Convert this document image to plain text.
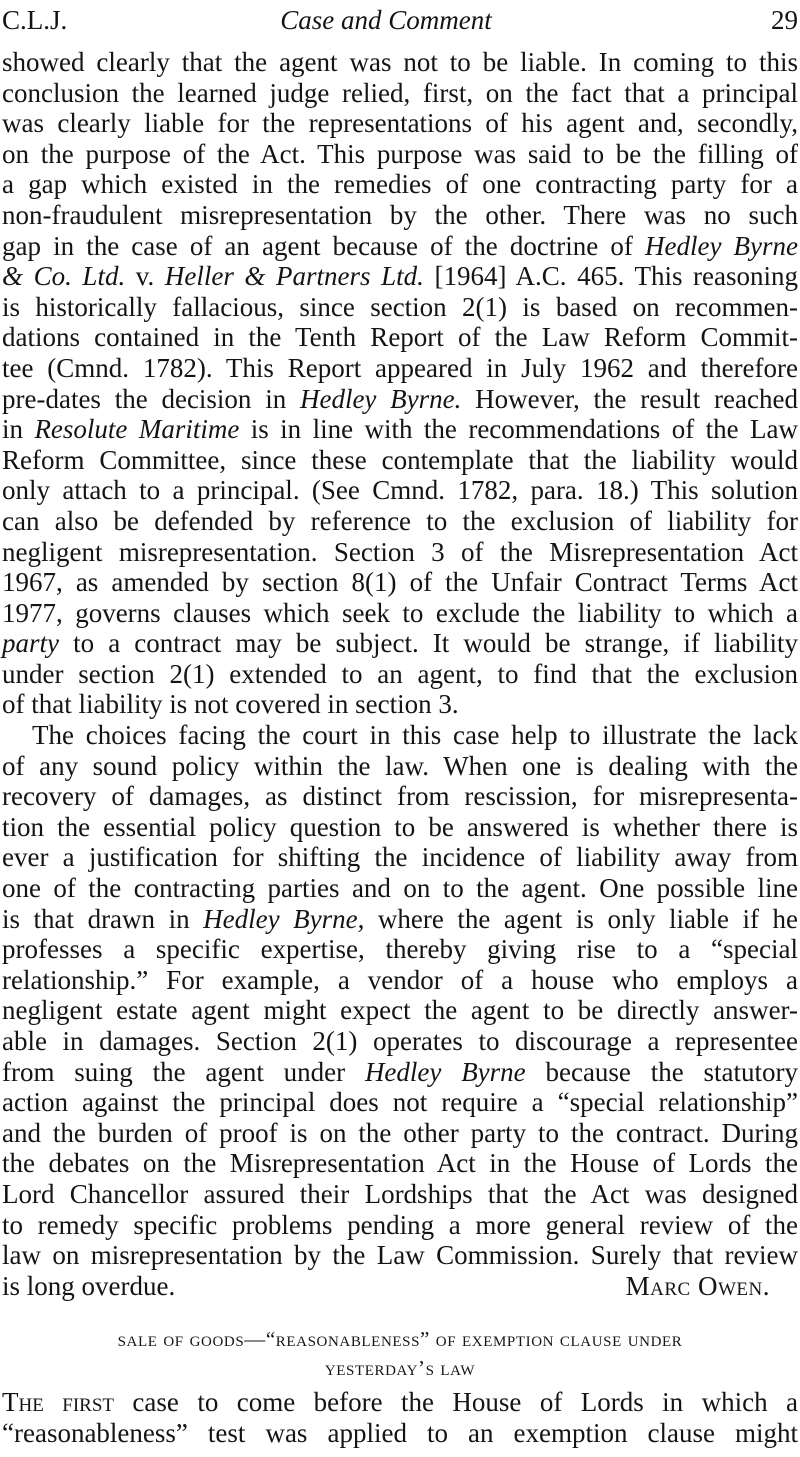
C.L.J.	Case and Comment	29
showed clearly that the agent was not to be liable. In coming to this
conclusion the learned judge relied, first, on the fact that a principal
was clearly liable for the representations of his agent and, secondly,
on the purpose of the Act. This purpose was said to be the filling of
a gap which existed in the remedies of one contracting party for a
non-fraudulent misrepresentation by the other. There was no such
gap in the case of an agent because of the doctrine of Hedley Byrne
& Co. Ltd. v. Heller & Partners Ltd. [1964] A.C. 465. This reasoning
is historically fallacious, since section 2(1) is based on recommen-
dations contained in the Tenth Report of the Law Reform Commit-
tee (Cmnd. 1782). This Report appeared in July 1962 and therefore
pre-dates the decision in Hedley Byrne. However, the result reached
in Resolute Maritime is in line with the recommendations of the Law
Reform Committee, since these contemplate that the liability would
only attach to a principal. (See Cmnd. 1782, para. 18.) This solution
can also be defended by reference to the exclusion of liability for
negligent misrepresentation. Section 3 of the Misrepresentation Act
1967, as amended by section 8(1) of the Unfair Contract Terms Act
1977, governs clauses which seek to exclude the liability to which a
party to a contract may be subject. It would be strange, if liability
under section 2(1) extended to an agent, to find that the exclusion
of that liability is not covered in section 3.
The choices facing the court in this case help to illustrate the lack
of any sound policy within the law. When one is dealing with the
recovery of damages, as distinct from rescission, for misrepresenta-
tion the essential policy question to be answered is whether there is
ever a justification for shifting the incidence of liability away from
one of the contracting parties and on to the agent. One possible line
is that drawn in Hedley Byrne, where the agent is only liable if he
professes a specific expertise, thereby giving rise to a “special
relationship.” For example, a vendor of a house who employs a
negligent estate agent might expect the agent to be directly answer-
able in damages. Section 2(1) operates to discourage a representee
from suing the agent under Hedley Byrne because the statutory
action against the principal does not require a “special relationship”
and the burden of proof is on the other party to the contract. During
the debates on the Misrepresentation Act in the House of Lords the
Lord Chancellor assured their Lordships that the Act was designed
to remedy specific problems pending a more general review of the
law on misrepresentation by the Law Commission. Surely that review
is long overdue.	Marc Owen.
sale of goods—“reasonableness” of exemption clause under
yesterday’s law
The first case to come before the House of Lords in which a
“reasonableness” test was applied to an exemption clause might
